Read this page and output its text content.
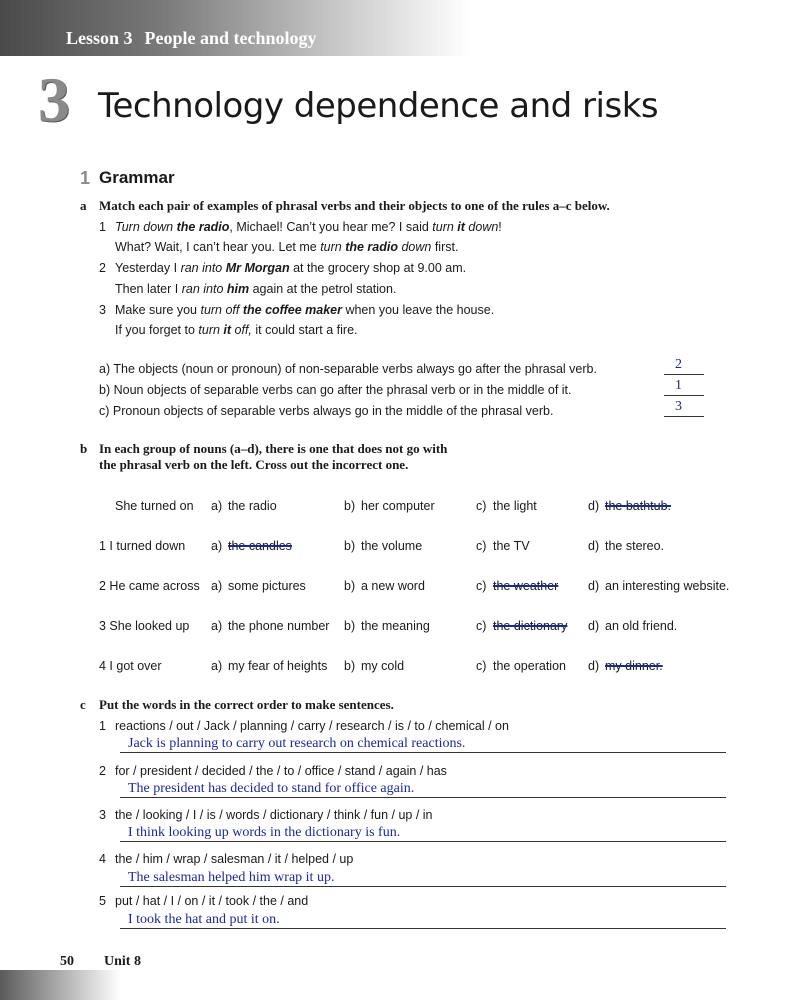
Lesson 3 People and technology
3 Technology dependence and risks
1 Grammar
a Match each pair of examples of phrasal verbs and their objects to one of the rules a–c below.
1 Turn down the radio, Michael! Can’t you hear me? I said turn it down!
What? Wait, I can’t hear you. Let me turn the radio down first.
2 Yesterday I ran into Mr Morgan at the grocery shop at 9.00 am.
Then later I ran into him again at the petrol station.
3 Make sure you turn off the coffee maker when you leave the house.
If you forget to turn it off, it could start a fire.
a) The objects (noun or pronoun) of non-separable verbs always go after the phrasal verb.	2
b) Noun objects of separable verbs can go after the phrasal verb or in the middle of it.	1
c) Pronoun objects of separable verbs always go in the middle of the phrasal verb.	3
b In each group of nouns (a–d), there is one that does not go with
the phrasal verb on the left. Cross out the incorrect one.
She turned on a) the radio	b) her computer	c) the light	d) the bathtub.
1 I turned down a) the candles	b) the volume	c) the TV	d) the stereo.
2 He came across a) some pictures	b) a new word	c) the weather d) an interesting website.
3 She looked up a) the phone number b) the meaning	c) the dictionary d) an old friend.
4 I got over	a) my fear of heights b) my cold	c) the operation d) my dinner.
c Put the words in the correct order to make sentences.
1 reactions / out / Jack / planning / carry / research / is / to / chemical / on
Jack is planning to carry out research on chemical reactions.
2 for / president / decided / the / to / office / stand / again / has
The president has decided to stand for office again.
3 the / looking / I / is / words / dictionary / think / fun / up / in
I think looking up words in the dictionary is fun.
4 the / him / wrap / salesman / it / helped / up
The salesman helped him wrap it up.
5 put / hat / I / on / it / took / the / and
I took the hat and put it on.
50 Unit 8
